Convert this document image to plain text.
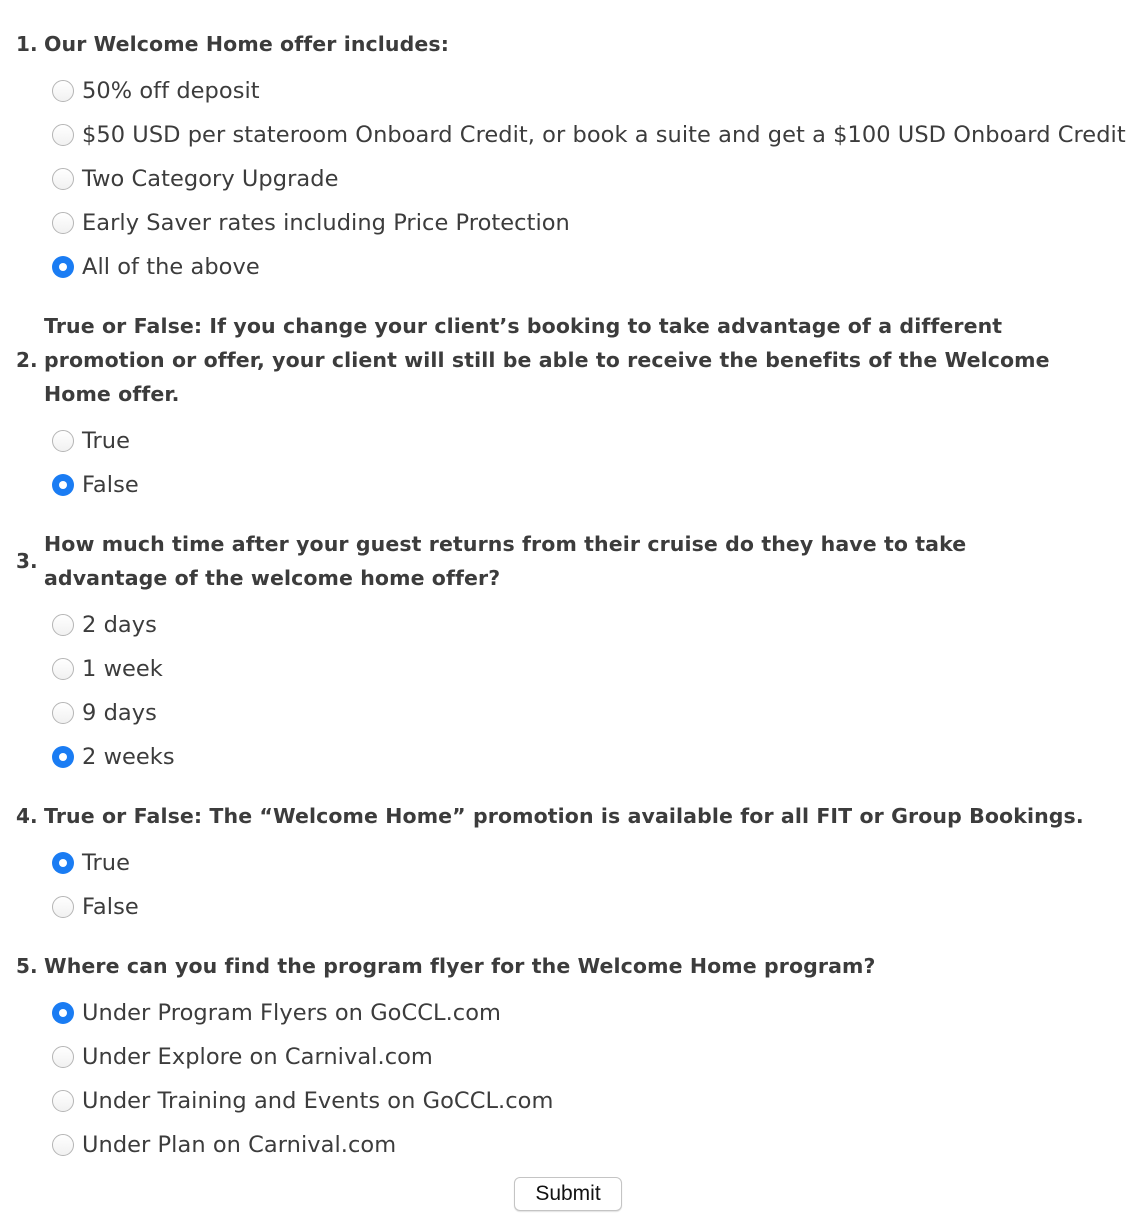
1. Our Welcome Home offer includes:
50% off deposit
$50 USD per stateroom Onboard Credit, or book a suite and get a $100 USD Onboard Credit
Two Category Upgrade
Early Saver rates including Price Protection
All of the above
2.
True or False: If you change your client’s booking to take advantage of a different
promotion or offer, your client will still be able to receive the benefits of the Welcome
Home offer.
True
False
3.
How much time after your guest returns from their cruise do they have to take
advantage of the welcome home offer?
2 days
1 week
9 days
2 weeks
4. True or False: The “Welcome Home” promotion is available for all FIT or Group Bookings.
True
False
5. Where can you find the program flyer for the Welcome Home program?
Under Program Flyers on GoCCL.com
Under Explore on Carnival.com
Under Training and Events on GoCCL.com
Under Plan on Carnival.com
Submit
